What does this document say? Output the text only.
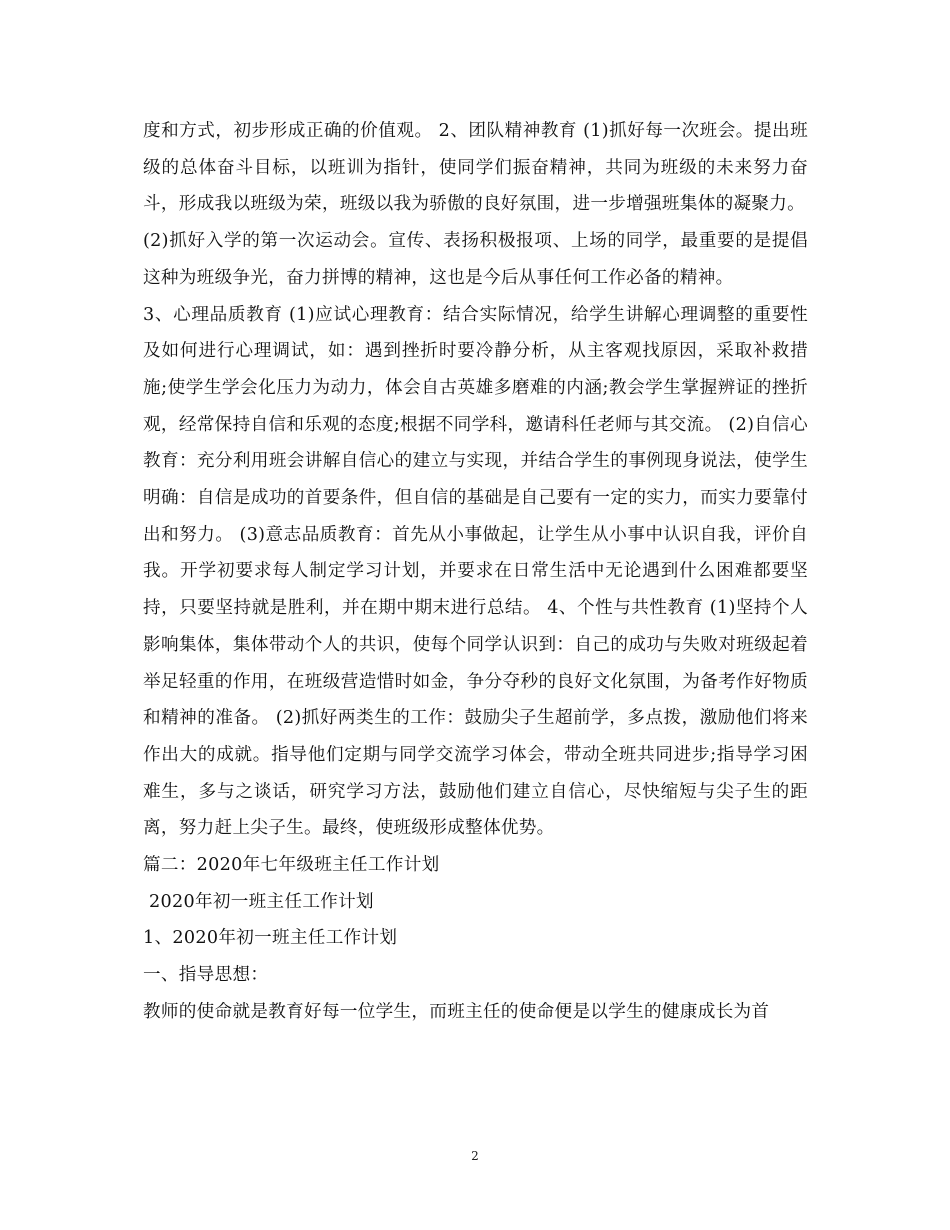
度和方式，初步形成正确的价值观。 2、团队精神教育 (1)抓好每一次班会。提出班级的总体奋斗目标，以班训为指针，使同学们振奋精神，共同为班级的未来努力奋斗，形成我以班级为荣，班级以我为骄傲的良好氛围，进一步增强班集体的凝聚力。

(2)抓好入学的第一次运动会。宣传、表扬积极报项、上场的同学，最重要的是提倡这种为班级争光，奋力拼博的精神，这也是今后从事任何工作必备的精神。

3、心理品质教育 (1)应试心理教育：结合实际情况，给学生讲解心理调整的重要性及如何进行心理调试，如：遇到挫折时要冷静分析，从主客观找原因，采取补救措施;使学生学会化压力为动力，体会自古英雄多磨难的内涵;教会学生掌握辨证的挫折观，经常保持自信和乐观的态度;根据不同学科，邀请科任老师与其交流。 (2)自信心教育：充分利用班会讲解自信心的建立与实现，并结合学生的事例现身说法，使学生明确：自信是成功的首要条件，但自信的基础是自己要有一定的实力，而实力要靠付出和努力。 (3)意志品质教育：首先从小事做起，让学生从小事中认识自我，评价自我。开学初要求每人制定学习计划，并要求在日常生活中无论遇到什么困难都要坚持，只要坚持就是胜利，并在期中期末进行总结。 4、个性与共性教育 (1)坚持个人影响集体，集体带动个人的共识，使每个同学认识到：自己的成功与失败对班级起着举足轻重的作用，在班级营造惜时如金，争分夺秒的良好文化氛围，为备考作好物质和精神的准备。 (2)抓好两类生的工作：鼓励尖子生超前学，多点拨，激励他们将来作出大的成就。指导他们定期与同学交流学习体会，带动全班共同进步;指导学习困难生，多与之谈话，研究学习方法，鼓励他们建立自信心，尽快缩短与尖子生的距离，努力赶上尖子生。最终，使班级形成整体优势。

篇二：2020年七年级班主任工作计划

2020年初一班主任工作计划

1、2020年初一班主任工作计划

一、指导思想：

教师的使命就是教育好每一位学生，而班主任的使命便是以学生的健康成长为首

2
